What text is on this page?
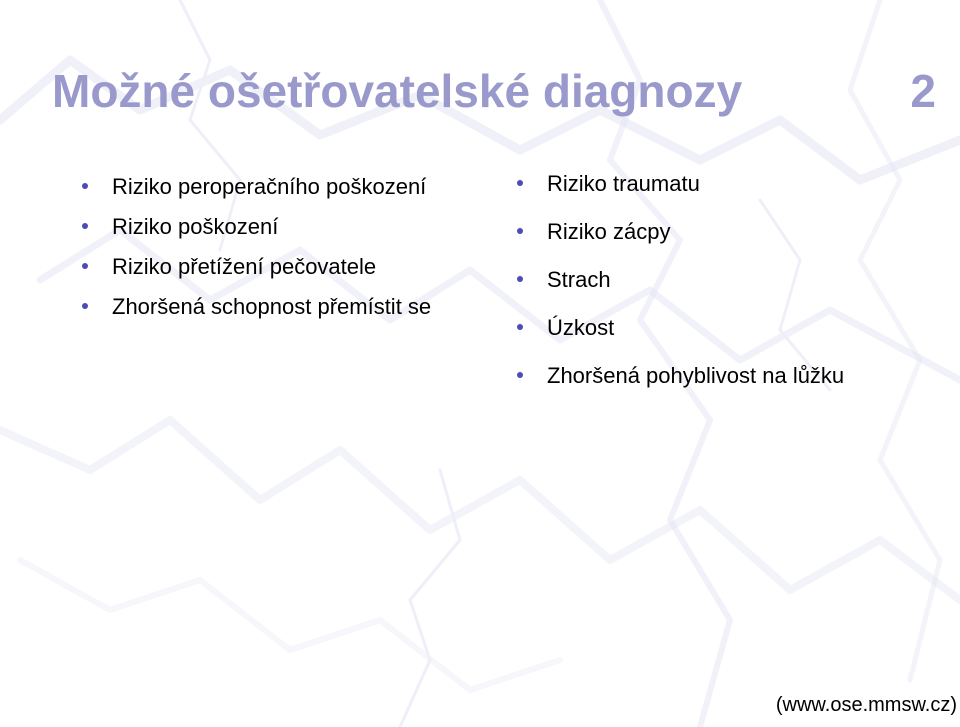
Možné ošetřovatelské diagnozy	2
Riziko peroperačního poškození
Riziko poškození
Riziko přetížení pečovatele
Zhoršená schopnost přemístit se
Riziko traumatu
Riziko zácpy
Strach
Úzkost
Zhoršená pohyblivost na lůžku
(www.ose.mmsw.cz)
